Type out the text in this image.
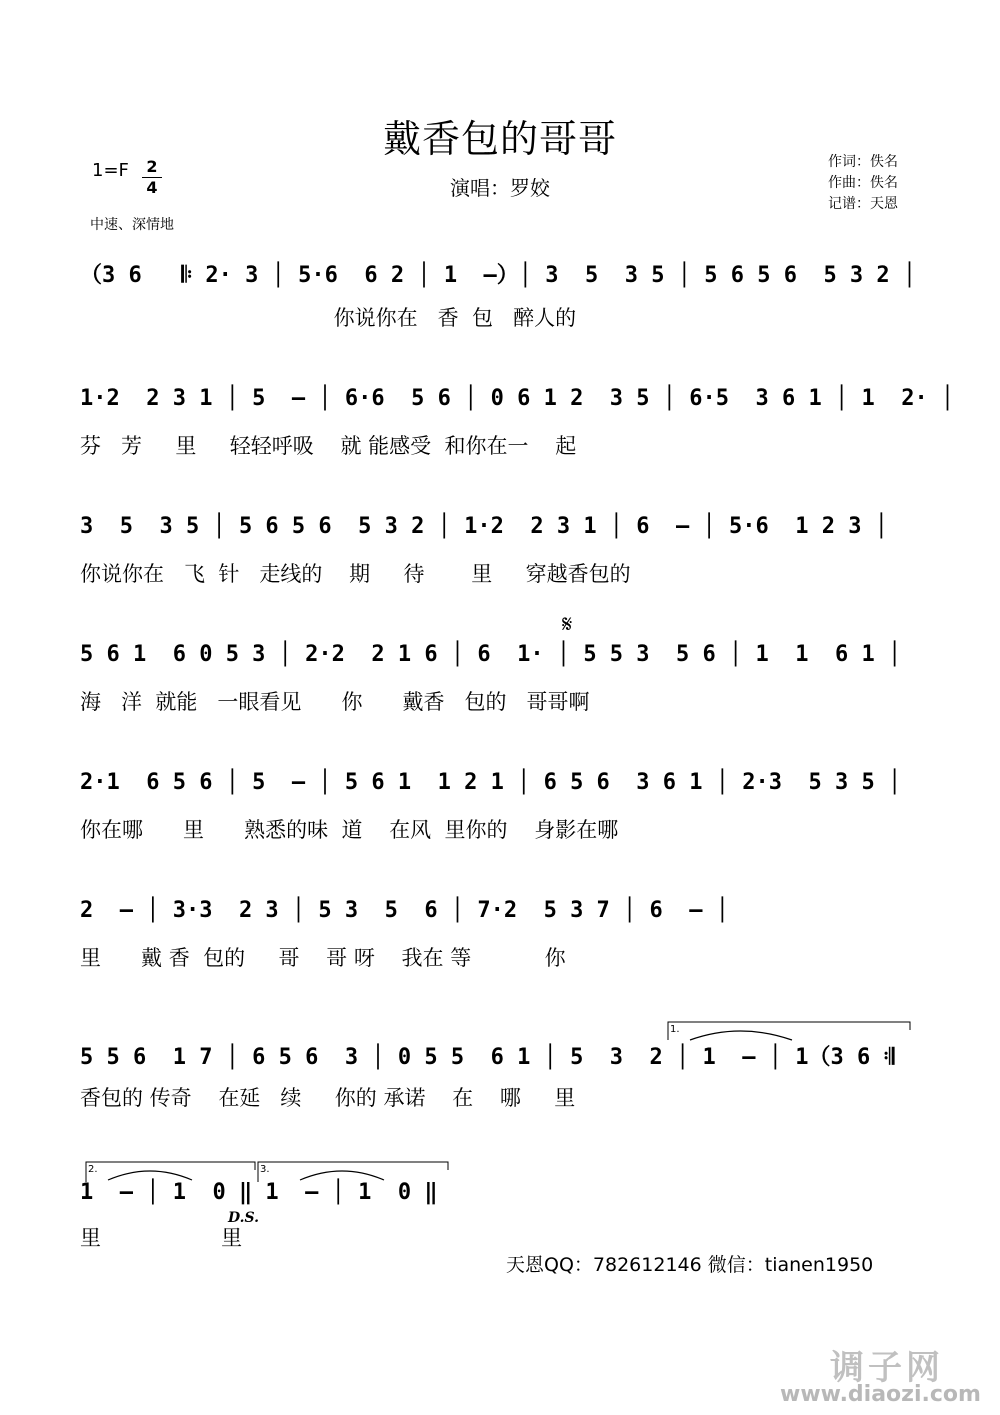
戴香包的哥哥
1=F 2
4
中速、深情地
演唱：罗姣
作词：佚名
作曲：佚名
记谱：天恩
（3 6   𝄆 2· 3 │ 5·6  6 2 │ 1  –）│ 3  5  3 5 │ 5 6 5 6  5 3 2 │
你说你在   香  包   醉人的
1·2  2 3 1 │ 5  – │ 6·6  5 6 │ 0 6 1 2  3 5 │ 6·5  3 6 1 │ 1  2· │
芬   芳     里     轻轻呼吸    就 能感受  和你在一    起
3  5  3 5 │ 5 6 5 6  5 3 2 │ 1·2  2 3 1 │ 6  – │ 5·6  1 2 3 │
你说你在   飞  针   走线的    期     待       里     穿越香包的
𝄋
5 6 1  6 0 5 3 │ 2·2  2 1 6 │ 6  1· │ 5 5 3  5 6 │ 1  1  6 1 │
海   洋  就能   一眼看见      你      戴香   包的   哥哥啊
2·1  6 5 6 │ 5  – │ 5 6 1  1 2 1 │ 6 5 6  3 6 1 │ 2·3  5 3 5 │
你在哪      里      熟悉的味  道    在风  里你的    身影在哪
2  – │ 3·3  2 3 │ 5 3  5  6 │ 7·2  5 3 7 │ 6  – │
里      戴 香  包的     哥    哥 呀    我在 等           你
1.
5 5 6  1 7 │ 6 5 6  3 │ 0 5 5  6 1 │ 5  3  2 │ 1  – │ 1（3 6 𝄇
香包的 传奇    在延   续     你的 承诺    在    哪     里
2.	3.
1  – │ 1  0 ‖ 1  – │ 1  0 ‖
D.S.
里                  里
天恩QQ：782612146 微信：tianen1950
调子网
www.diaozi.com
